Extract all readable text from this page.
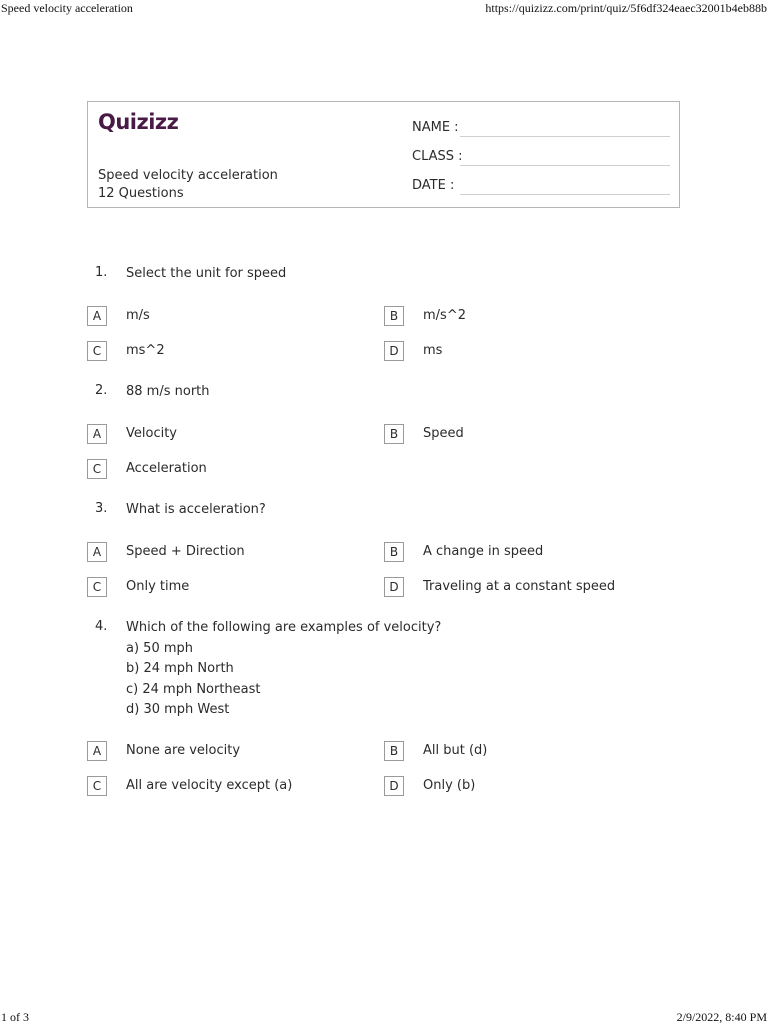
Speed velocity acceleration	https://quizizz.com/print/quiz/5f6df324eaec32001b4eb88b
Quizizz
Speed velocity acceleration
12 Questions
NAME :
CLASS :
DATE :
1. Select the unit for speed
A	m/s	B	m/s^2
C	ms^2	D	ms
2. 88 m/s north
A	Velocity	B	Speed
C	Acceleration
3. What is acceleration?
A	Speed + Direction	B	A change in speed
C	Only time	D	Traveling at a constant speed
4. Which of the following are examples of velocity?
a) 50 mph
b) 24 mph North
c) 24 mph Northeast
d) 30 mph West
A	None are velocity	B	All but (d)
C	All are velocity except (a)	D	Only (b)
1 of 3	2/9/2022, 8:40 PM
